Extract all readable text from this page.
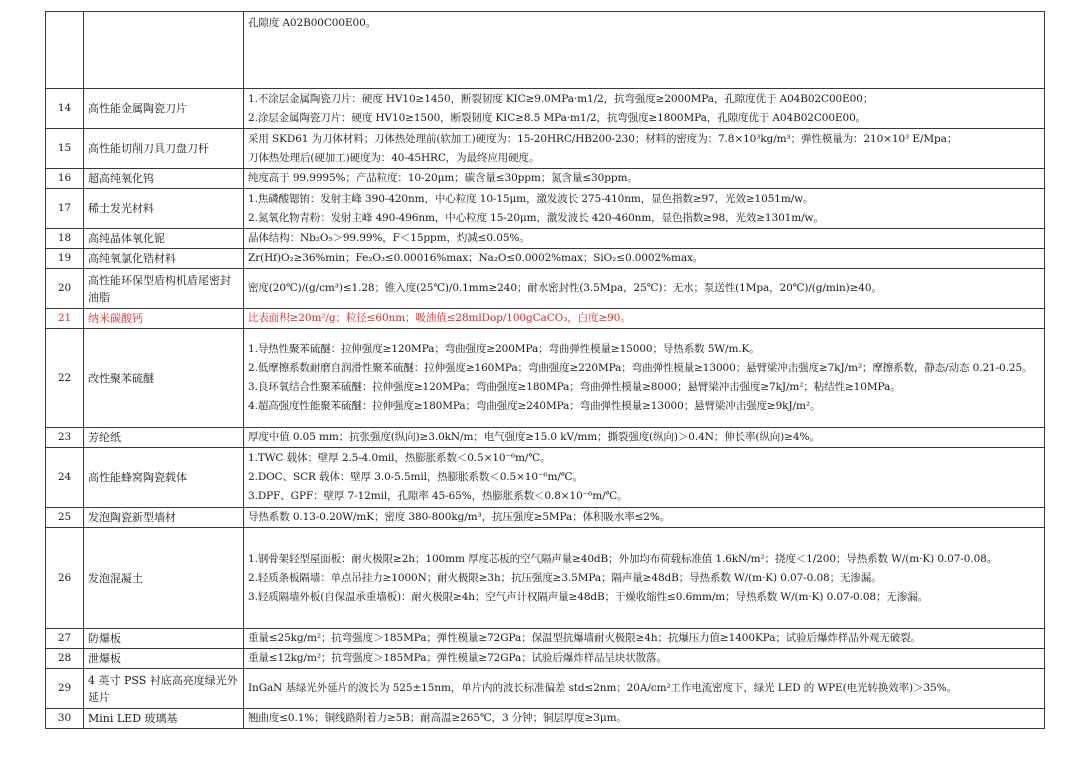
		孔隙度 A02B00C00E00。

14	高性能金属陶瓷刀片	1.不涂层金属陶瓷刀片：硬度 HV10≥1450，断裂韧度 KIC≥9.0MPa·m1/2，抗弯强度≥2000MPa，孔隙度优于 A04B02C00E00；
2.涂层金属陶瓷刀片：硬度 HV10≥1500，断裂韧度 KIC≥8.5 MPa·m1/2，抗弯强度≥1800MPa，孔隙度优于 A04B02C00E00。

15	高性能切削刀具刀盘刀杆	采用 SKD61 为刀体材料；刀体热处理前(软加工)硬度为：15-20HRC/HB200-230；材料的密度为：7.8×10³kg/m³；弹性模量为：210×10³ E/Mpa；
刀体热处理后(硬加工)硬度为：40-45HRC，为最终应用硬度。

16	超高纯氧化钨	纯度高于 99.9995%；产品粒度：10-20μm；碳含量≤30ppm；氮含量≤30ppm。

17	稀土发光材料	1.焦磷酸锶铕：发射主峰 390-420nm，中心粒度 10-15μm，激发波长 275-410nm，显色指数≥97，光效≥1051m/w。
2.氮氧化物青粉：发射主峰 490-496nm，中心粒度 15-20μm，激发波长 420-460nm，显色指数≥98，光效≥1301m/w。

18	高纯晶体氧化铌	晶体结构：Nb₂O₅＞99.99%，F＜15ppm，灼减≤0.05%。

19	高纯氧氯化锆材料	Zr(Hf)O₂≥36%min；Fe₂O₃≤0.00016%max；Na₂O≤0.0002%max；SiO₂≤0.0002%max。

20	高性能环保型盾构机盾尾密封油脂	密度(20℃)/(g/cm³)≤1.28；锥入度(25℃)/0.1mm≥240；耐水密封性(3.5Mpa，25℃)：无水；泵送性(1Mpa，20℃)/(g/min)≥40。

21	纳米碳酸钙	比表面积≥20m²/g；粒径≤60nm；吸油值≤28mlDop/100gCaCO₃，白度≥90。

22	改性聚苯硫醚	1.导热性聚苯硫醚：拉伸强度≥120MPa；弯曲强度≥200MPa；弯曲弹性模量≥15000；导热系数 5W/m.K。
2.低摩擦系数耐磨自润滑性聚苯硫醚：拉伸强度≥160MPa；弯曲强度≥220MPa；弯曲弹性模量≥13000；悬臂梁冲击强度≥7kJ/m²；摩擦系数，静态/动态 0.21-0.25。
3.良环氧结合性聚苯硫醚：拉伸强度≥120MPa；弯曲强度≥180MPa；弯曲弹性模量≥8000；悬臂梁冲击强度≥7kJ/m²；粘结性≥10MPa。
4.超高强度性能聚苯硫醚：拉伸强度≥180MPa；弯曲强度≥240MPa；弯曲弹性模量≥13000；悬臂梁冲击强度≥9kJ/m²。

23	芳纶纸	厚度中值 0.05 mm；抗张强度(纵向)≥3.0kN/m；电气强度≥15.0 kV/mm；撕裂强度(纵向)＞0.4N；伸长率(纵向)≥4%。

24	高性能蜂窝陶瓷载体	1.TWC 载体：壁厚 2.5-4.0mil，热膨胀系数＜0.5×10⁻⁶m/℃。
2.DOC、SCR 载体：壁厚 3.0-5.5mil，热膨胀系数＜0.5×10⁻⁶m/℃。
3.DPF、GPF：壁厚 7-12mil，孔隙率 45-65%，热膨胀系数＜0.8×10⁻⁶m/℃。

25	发泡陶瓷新型墙材	导热系数 0.13-0.20W/mK；密度 380-800kg/m³，抗压强度≥5MPa；体积吸水率≤2%。

26	发泡混凝土	1.钢骨架轻型屋面板：耐火极限≥2h；100mm 厚度芯板的空气隔声量≥40dB；外加均布荷载标准值 1.6kN/m²；挠度＜1/200；导热系数 W/(m·K) 0.07-0.08。
2.轻质条板隔墙：单点吊挂力≥1000N；耐火极限≥3h；抗压强度≥3.5MPa；隔声量≥48dB；导热系数 W/(m·K) 0.07-0.08；无渗漏。
3.轻质隔墙外板(自保温承重墙板)：耐火极限≥4h；空气声计权隔声量≥48dB；干燥收缩性≤0.6mm/m；导热系数 W/(m·K) 0.07-0.08；无渗漏。

27	防爆板	重量≤25kg/m²；抗弯强度＞185MPa；弹性模量≥72GPa；保温型抗爆墙耐火极限≥4h；抗爆压力值≥1400KPa；试验后爆炸样品外观无破裂。

28	泄爆板	重量≤12kg/m²；抗弯强度＞185MPa；弹性模量≥72GPa；试验后爆炸样品呈块状散落。

29	4 英寸 PSS 衬底高亮度绿光外延片	InGaN 基绿光外延片的波长为 525±15nm，单片内的波长标准偏差 std≤2nm；20A/cm²工作电流密度下，绿光 LED 的 WPE(电光转换效率)＞35%。

30	Mini LED 玻璃基	翘曲度≤0.1%；铜线路附着力≥5B；耐高温≥265℃，3 分钟；铜层厚度≥3μm。
